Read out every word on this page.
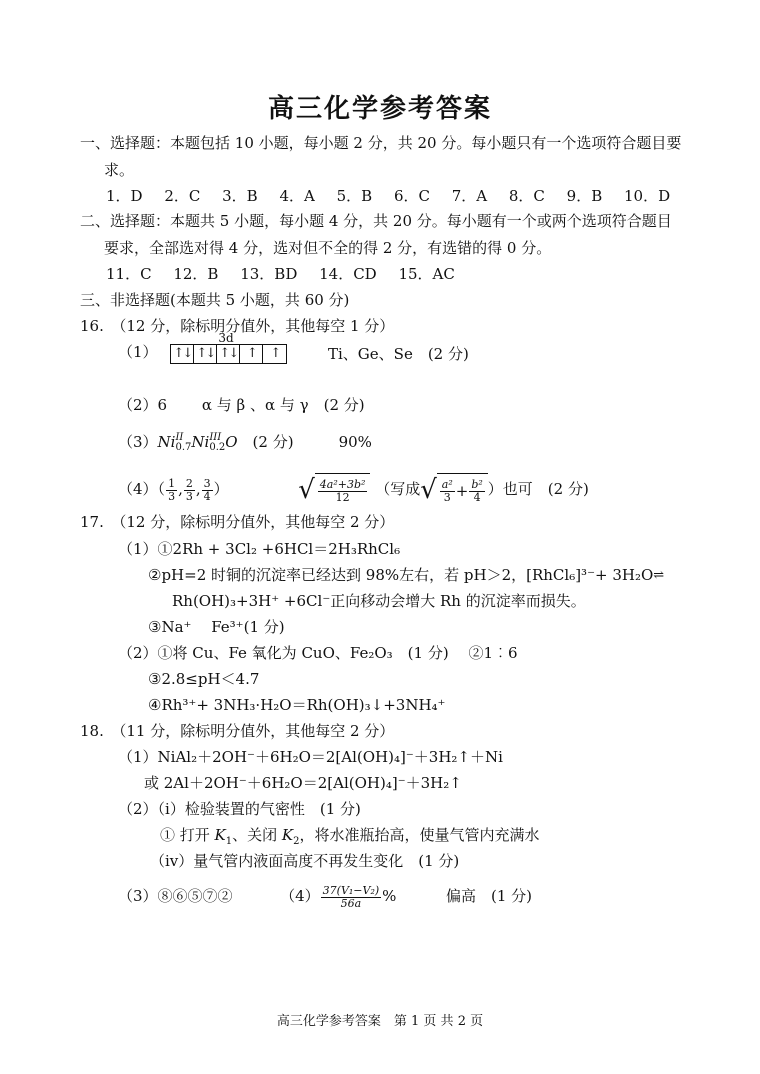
高三化学参考答案
一、选择题：本题包括 10 小题，每小题 2 分，共 20 分。每小题只有一个选项符合题目要
求。
1．D　 2．C　 3．B　 4．A　 5．B　 6．C　 7．A　 8．C　 9．B　 10．D
二、选择题：本题共 5 小题，每小题 4 分，共 20 分。每小题有一个或两个选项符合题目
要求，全部选对得 4 分，选对但不全的得 2 分，有选错的得 0 分。
11．C　 12．B　 13．BD　 14．CD　 15．AC
三、非选择题(本题共 5 小题，共 60 分)
16.　（12 分，除标明分值外，其他每空 1 分）
（1）
3d
↑↓ ↑↓ ↑↓ ↑	↑	Ti、Ge、Se　(2 分)
（2）6　　 α 与 β 、α 与 γ　(2 分)
（3）Ni II
0.7 Ni III
0.2 O　(2 分)　　　90%
$(4)( \frac{1}{3}$ , $\frac{2}{3}$ , $\frac{3}{4}$ ）	√ $\frac{\text{4a²+3b²}}{12}$ （写成√ $\frac{\text{a²}}{3} + \frac{\text{b²}}{4}$ ）也可　(2 分)
17.　（12 分，除标明分值外，其他每空 2 分）
（1）①2Rh + 3Cl₂ +6HCl＝2H₃RhCl₆
②pH=2 时铜的沉淀率已经达到 98%左右，若 pH＞2，[RhCl₆]³⁻+ 3H₂O⇌
Rh(OH)₃+3H⁺ +6Cl⁻正向移动会增大 Rh 的沉淀率而损失。
③Na⁺　 Fe³⁺(1 分)
（2）①将 Cu、Fe 氧化为 CuO、Fe₂O₃　(1 分)　 ②1︰6
③2.8≤pH＜4.7
④Rh³⁺+ 3NH₃·H₂O＝Rh(OH)₃↓+3NH₄⁺
18.　（11 分，除标明分值外，其他每空 2 分）
（1）NiAl₂＋2OH⁻＋6H₂O＝2[Al(OH)₄]⁻＋3H₂↑＋Ni
或 2Al＋2OH⁻＋6H₂O＝2[Al(OH)₄]⁻＋3H₂↑
（2）（i）检验装置的气密性　(1 分)
① 打开 $K_1$、关闭 $K_2$，将水准瓶抬高，使量气管内充满水
（iv）量气管内液面高度不再发生变化　(1 分)
（3）⑧⑥⑤⑦②	$(4) \frac{\text{37(V₁−V₂)}}{56a}$ %	偏高　(1 分)
高三化学参考答案　第 1 页 共 2 页
